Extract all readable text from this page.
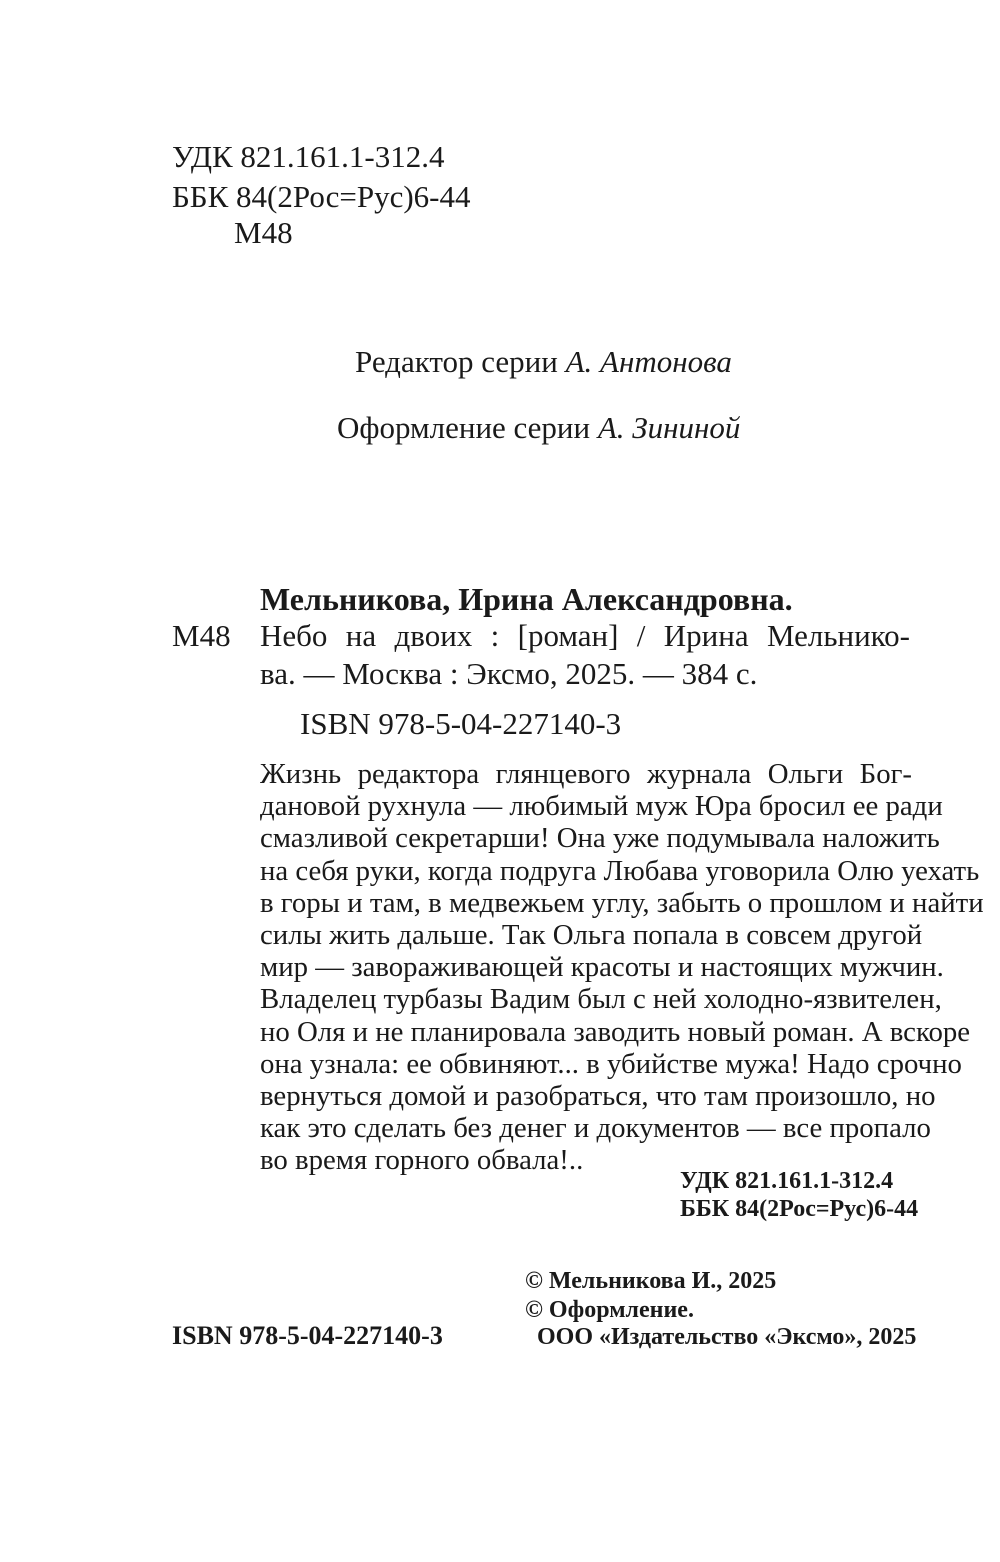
УДК 821.161.1-312.4
ББК 84(2Рос=Рус)6-44
М48
Редактор серии А. Антонова
Оформление серии А. Зининой
Мельникова, Ирина Александровна.
М48 Небо на двоих : [роман] / Ирина Мельнико-
ва. — Москва : Эксмо, 2025. — 384 с.
ISBN 978-5-04-227140-3
Жизнь редактора глянцевого журнала Ольги Бог-
дановой рухнула — любимый муж Юра бросил ее ради
смазливой секретарши! Она уже подумывала наложить
на себя руки, когда подруга Любава уговорила Олю уехать
в горы и там, в медвежьем углу, забыть о прошлом и найти
силы жить дальше. Так Ольга попала в совсем другой
мир — завораживающей красоты и настоящих мужчин.
Владелец турбазы Вадим был с ней холодно-язвителен,
но Оля и не планировала заводить новый роман. А вскоре
она узнала: ее обвиняют... в убийстве мужа! Надо срочно
вернуться домой и разобраться, что там произошло, но
как это сделать без денег и документов — все пропало
во время горного обвала!..
УДК 821.161.1-312.4
ББК 84(2Рос=Рус)6-44
© Мельникова И., 2025
© Оформление.
ООО «Издательство «Эксмо», 2025
ISBN 978-5-04-227140-3
